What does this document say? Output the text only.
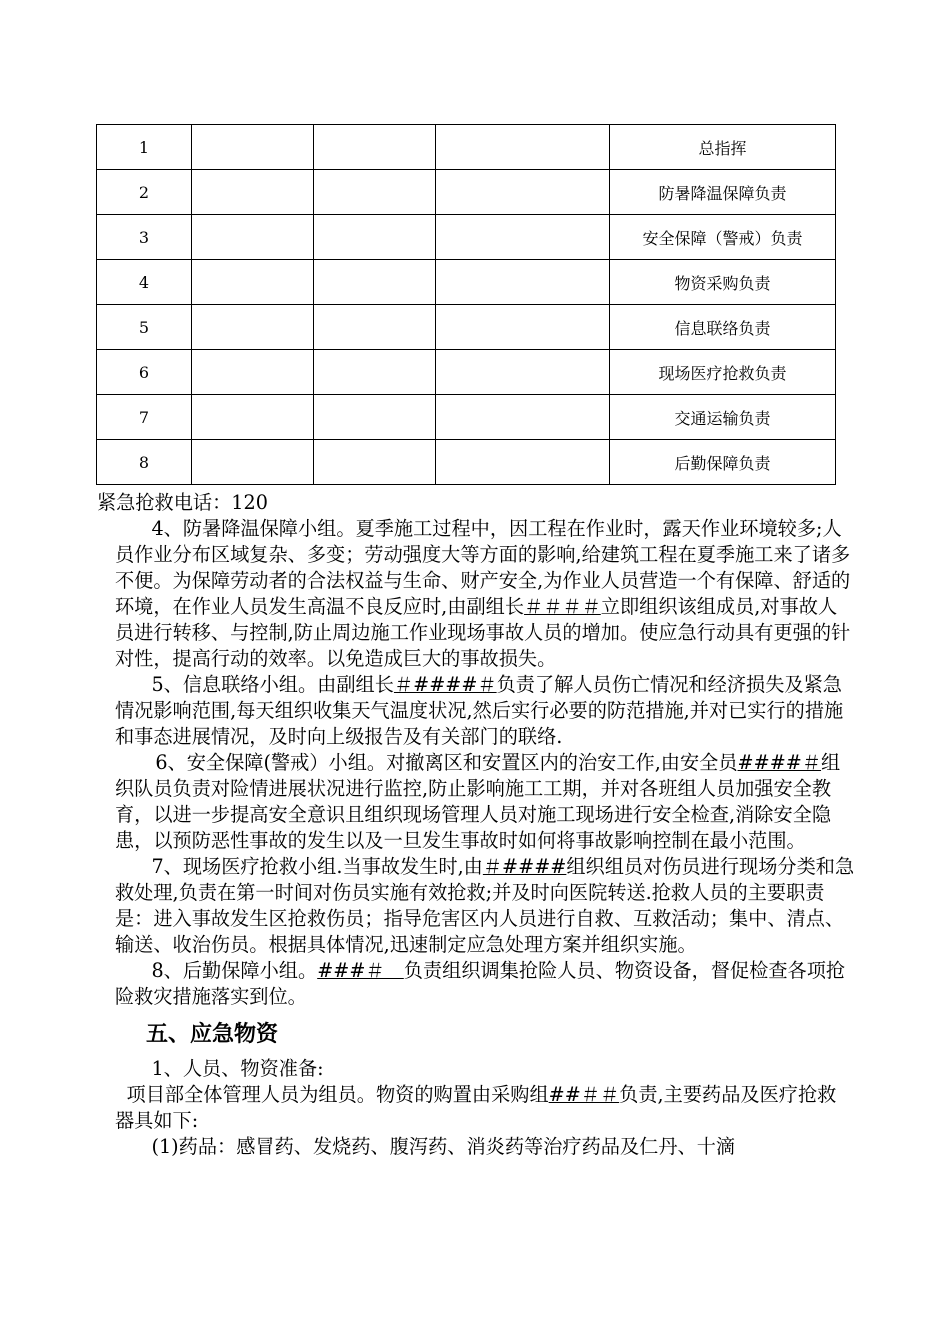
1				总指挥
2				防暑降温保障负责
3				安全保障（警戒）负责
4				物资采购负责
5				信息联络负责
6				现场医疗抢救负责
7				交通运输负责
8				后勤保障负责

紧急抢救电话：120

4、防暑降温保障小组。夏季施工过程中，因工程在作业时，露天作业环境较多;人员作业分布区域复杂、多变；劳动强度大等方面的影响,给建筑工程在夏季施工来了诸多不便。为保障劳动者的合法权益与生命、财产安全,为作业人员营造一个有保障、舒适的环境，在作业人员发生高温不良反应时,由副组长＃＃＃＃立即组织该组成员,对事故人员进行转移、与控制,防止周边施工作业现场事故人员的增加。使应急行动具有更强的针对性，提高行动的效率。以免造成巨大的事故损失。

5、信息联络小组。由副组长＃####＃负责了解人员伤亡情况和经济损失及紧急情况影响范围,每天组织收集天气温度状况,然后实行必要的防范措施,并对已实行的措施和事态进展情况，及时向上级报告及有关部门的联络.

6、安全保障(警戒）小组。对撤离区和安置区内的治安工作,由安全员####＃组织队员负责对险情进展状况进行监控,防止影响施工工期，并对各班组人员加强安全教育，以进一步提高安全意识且组织现场管理人员对施工现场进行安全检查,消除安全隐患，以预防恶性事故的发生以及一旦发生事故时如何将事故影响控制在最小范围。

7、现场医疗抢救小组.当事故发生时,由＃####组织组员对伤员进行现场分类和急救处理,负责在第一时间对伤员实施有效抢救;并及时向医院转送.抢救人员的主要职责是：进入事故发生区抢救伤员；指导危害区内人员进行自救、互救活动；集中、清点、输送、收治伤员。根据具体情况,迅速制定应急处理方案并组织实施。

8、后勤保障小组。###＃　负责组织调集抢险人员、物资设备，督促检查各项抢险救灾措施落实到位。

五、应急物资

1、人员、物资准备:

项目部全体管理人员为组员。物资的购置由采购组##＃＃负责,主要药品及医疗抢救器具如下:

(1)药品：感冒药、发烧药、腹泻药、消炎药等治疗药品及仁丹、十滴
